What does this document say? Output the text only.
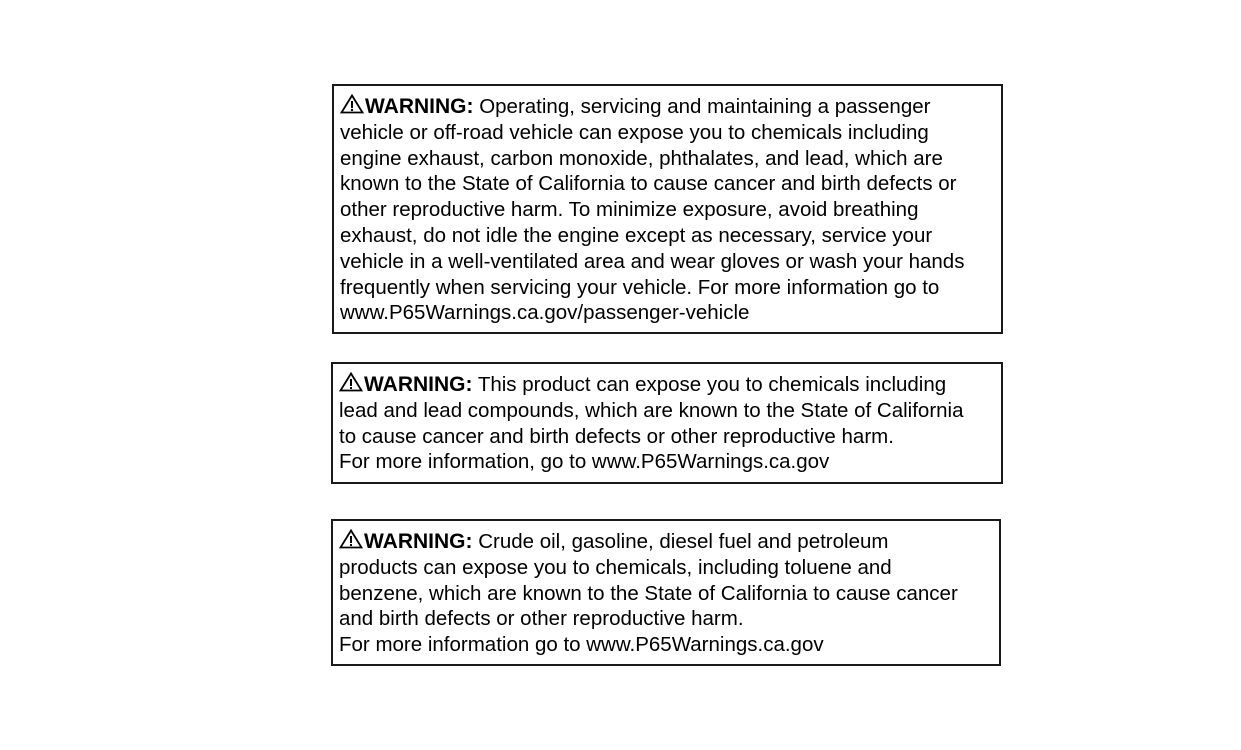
WARNING: Operating, servicing and maintaining a passenger
vehicle or off-road vehicle can expose you to chemicals including
engine exhaust, carbon monoxide, phthalates, and lead, which are
known to the State of California to cause cancer and birth defects or
other reproductive harm. To minimize exposure, avoid breathing
exhaust, do not idle the engine except as necessary, service your
vehicle in a well-ventilated area and wear gloves or wash your hands
frequently when servicing your vehicle. For more information go to
www.P65Warnings.ca.gov/passenger-vehicle
WARNING: This product can expose you to chemicals including
lead and lead compounds, which are known to the State of California
to cause cancer and birth defects or other reproductive harm.
For more information, go to www.P65Warnings.ca.gov
WARNING: Crude oil, gasoline, diesel fuel and petroleum
products can expose you to chemicals, including toluene and
benzene, which are known to the State of California to cause cancer
and birth defects or other reproductive harm.
For more information go to www.P65Warnings.ca.gov
